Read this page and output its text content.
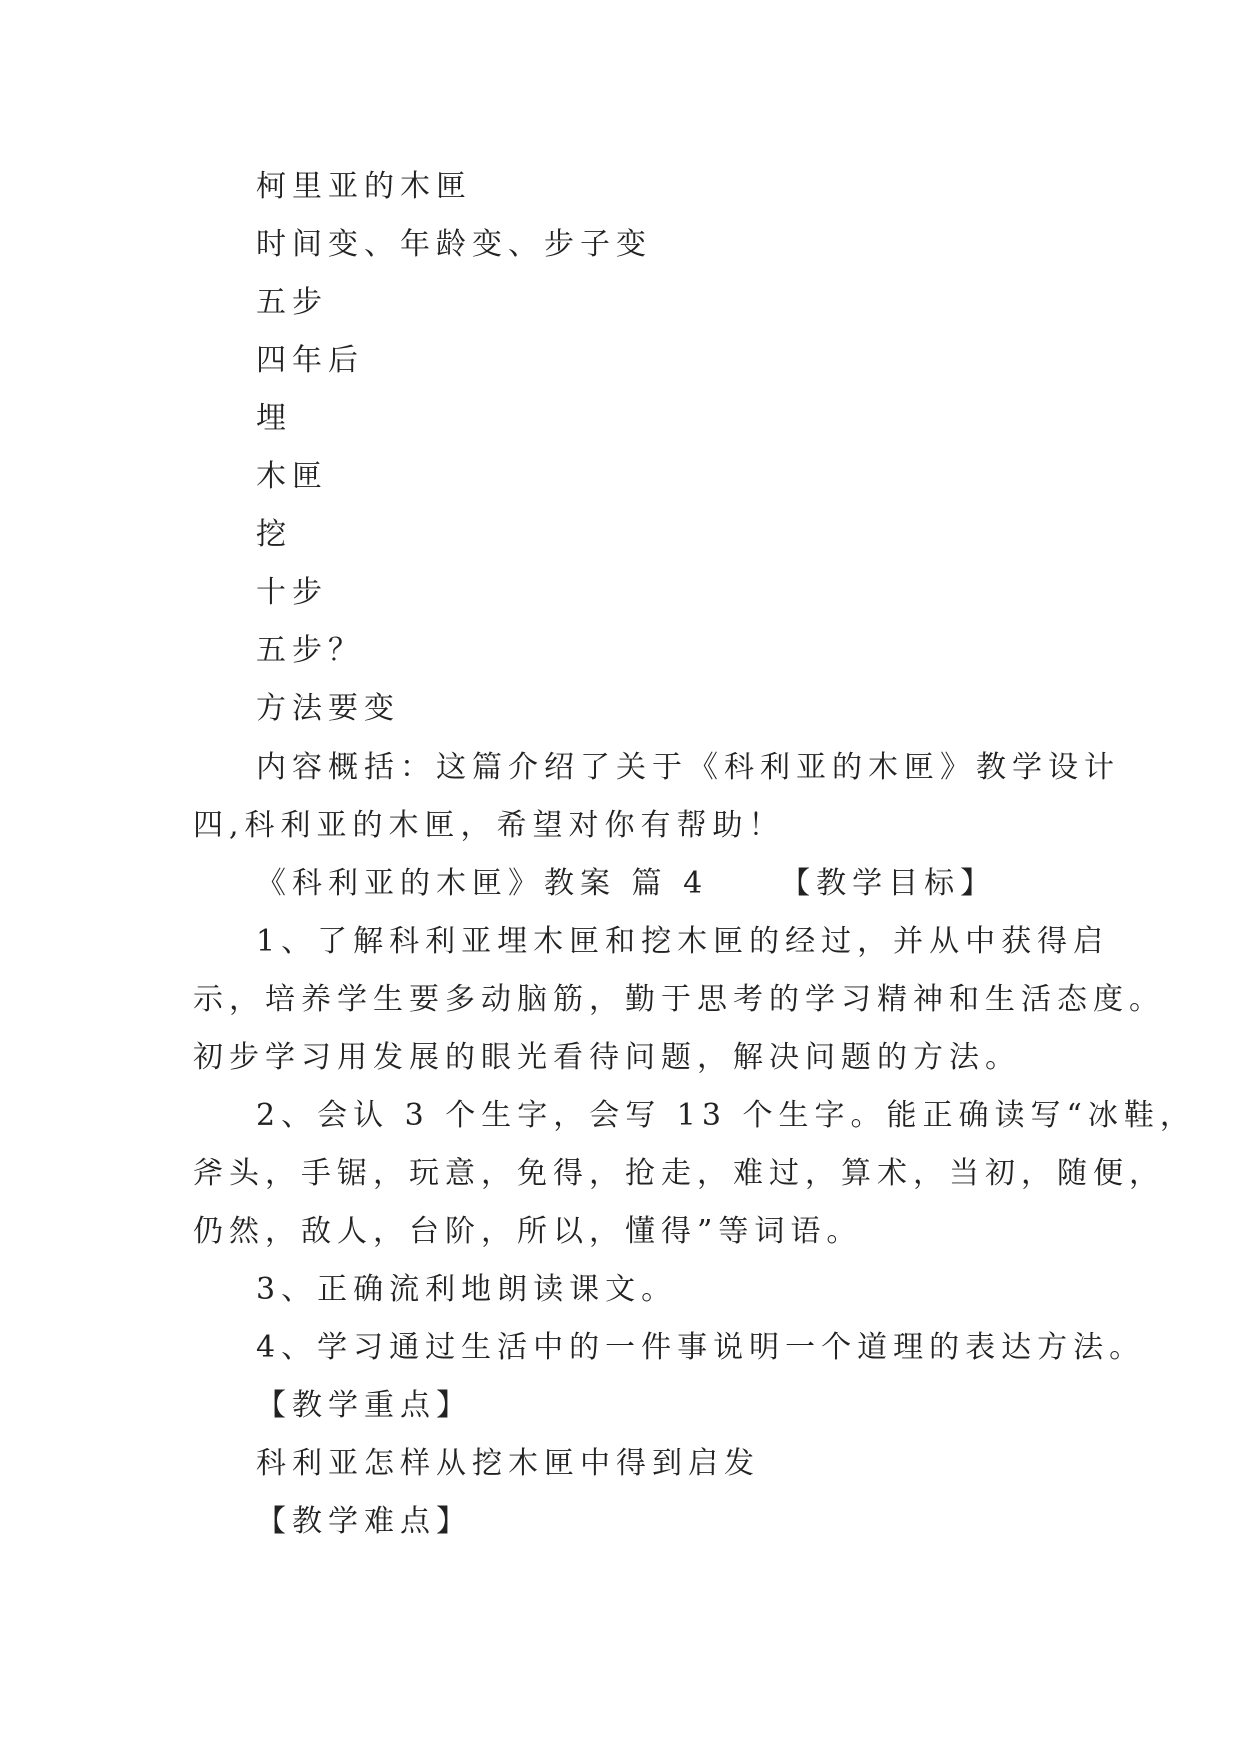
柯里亚的木匣

时间变、年龄变、步子变

五步

四年后

埋

木匣

挖

十步

五步？

方法要变

内容概括：这篇介绍了关于《科利亚的木匣》教学设计

四,科利亚的木匣，希望对你有帮助！

《科利亚的木匣》教案 篇 4 【教学目标】

1、了解科利亚埋木匣和挖木匣的经过，并从中获得启

示，培养学生要多动脑筋，勤于思考的学习精神和生活态度。

初步学习用发展的眼光看待问题，解决问题的方法。

2、会认 3 个生字，会写 13 个生字。能正确读写“冰鞋，

斧头，手锯，玩意，免得，抢走，难过，算术，当初，随便，

仍然，敌人，台阶，所以，懂得”等词语。

3、正确流利地朗读课文。

4、学习通过生活中的一件事说明一个道理的表达方法。

【教学重点】

科利亚怎样从挖木匣中得到启发

【教学难点】
